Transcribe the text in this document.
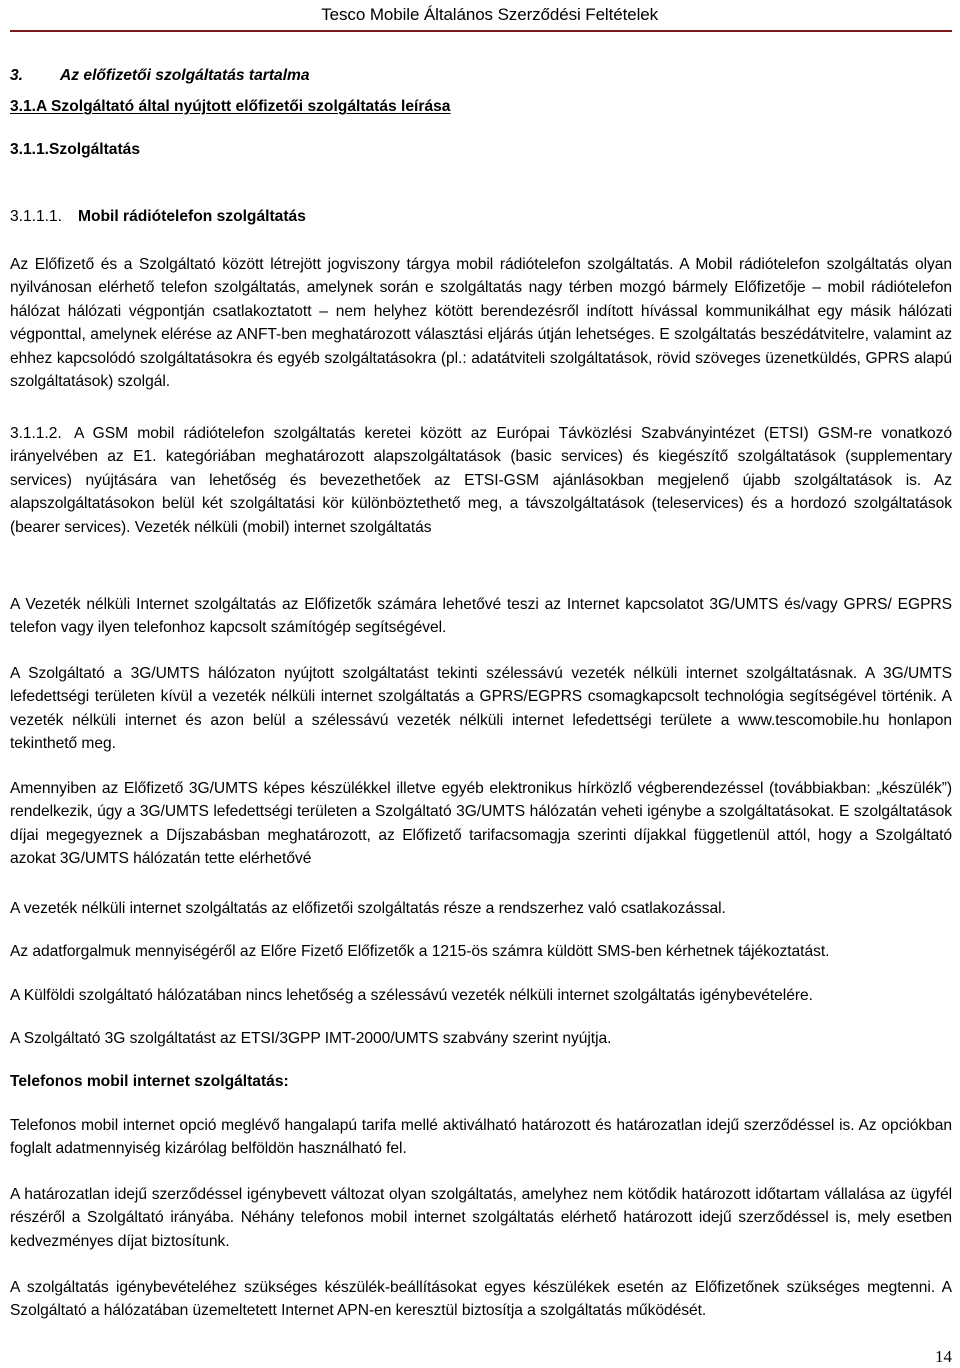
Tesco Mobile Általános Szerződési Feltételek
3. Az előfizetői szolgáltatás tartalma
3.1.A Szolgáltató által nyújtott előfizetői szolgáltatás leírása
3.1.1.Szolgáltatás
3.1.1.1. Mobil rádiótelefon szolgáltatás
Az Előfizető és a Szolgáltató között létrejött jogviszony tárgya mobil rádiótelefon szolgáltatás. A Mobil rádiótelefon szolgáltatás olyan nyilvánosan elérhető telefon szolgáltatás, amelynek során e szolgáltatás nagy térben mozgó bármely Előfizetője – mobil rádiótelefon hálózat hálózati végpontján csatlakoztatott – nem helyhez kötött berendezésről indított hívással kommunikálhat egy másik hálózati végponttal, amelynek elérése az ANFT-ben meghatározott választási eljárás útján lehetséges. E szolgáltatás beszédátvitelre, valamint az ehhez kapcsolódó szolgáltatásokra és egyéb szolgáltatásokra (pl.: adatátviteli szolgáltatások, rövid szöveges üzenetküldés, GPRS alapú szolgáltatások) szolgál.
3.1.1.2. A GSM mobil rádiótelefon szolgáltatás keretei között az Európai Távközlési Szabványintézet (ETSI) GSM-re vonatkozó irányelvében az E1. kategóriában meghatározott alapszolgáltatások (basic services) és kiegészítő szolgáltatások (supplementary services) nyújtására van lehetőség és bevezethetőek az ETSI-GSM ajánlásokban megjelenő újabb szolgáltatások is. Az alapszolgáltatásokon belül két szolgáltatási kör különböztethető meg, a távszolgáltatások (teleservices) és a hordozó szolgáltatások (bearer services). Vezeték nélküli (mobil) internet szolgáltatás
A Vezeték nélküli Internet szolgáltatás az Előfizetők számára lehetővé teszi az Internet kapcsolatot 3G/UMTS és/vagy GPRS/ EGPRS telefon vagy ilyen telefonhoz kapcsolt számítógép segítségével.
A Szolgáltató a 3G/UMTS hálózaton nyújtott szolgáltatást tekinti szélessávú vezeték nélküli internet szolgáltatásnak. A 3G/UMTS lefedettségi területen kívül a vezeték nélküli internet szolgáltatás a GPRS/EGPRS csomagkapcsolt technológia segítségével történik. A vezeték nélküli internet és azon belül a szélessávú vezeték nélküli internet lefedettségi területe a www.tescomobile.hu honlapon tekinthető meg.
Amennyiben az Előfizető 3G/UMTS képes készülékkel illetve egyéb elektronikus hírközlő végberendezéssel (továbbiakban: „készülék”) rendelkezik, úgy a 3G/UMTS lefedettségi területen a Szolgáltató 3G/UMTS hálózatán veheti igénybe a szolgáltatásokat. E szolgáltatások díjai megegyeznek a Díjszabásban meghatározott, az Előfizető tarifacsomagja szerinti díjakkal függetlenül attól, hogy a Szolgáltató azokat 3G/UMTS hálózatán tette elérhetővé
A vezeték nélküli internet szolgáltatás az előfizetői szolgáltatás része a rendszerhez való csatlakozással.
Az adatforgalmuk mennyiségéről az Előre Fizető Előfizetők a 1215-ös számra küldött SMS-ben kérhetnek tájékoztatást.
A Külföldi szolgáltató hálózatában nincs lehetőség a szélessávú vezeték nélküli internet szolgáltatás igénybevételére.
A Szolgáltató 3G szolgáltatást az ETSI/3GPP IMT-2000/UMTS szabvány szerint nyújtja.
Telefonos mobil internet szolgáltatás:
Telefonos mobil internet opció meglévő hangalapú tarifa mellé aktiválható határozott és határozatlan idejű szerződéssel is. Az opciókban foglalt adatmennyiség kizárólag belföldön használható fel.
A határozatlan idejű szerződéssel igénybevett változat olyan szolgáltatás, amelyhez nem kötődik határozott időtartam vállalása az ügyfél részéről a Szolgáltató irányába. Néhány telefonos mobil internet szolgáltatás elérhető határozott idejű szerződéssel is, mely esetben kedvezményes díjat biztosítunk.
A szolgáltatás igénybevételéhez szükséges készülék-beállításokat egyes készülékek esetén az Előfizetőnek szükséges megtenni. A Szolgáltató a hálózatában üzemeltetett Internet APN-en keresztül biztosítja a szolgáltatás működését.
14
